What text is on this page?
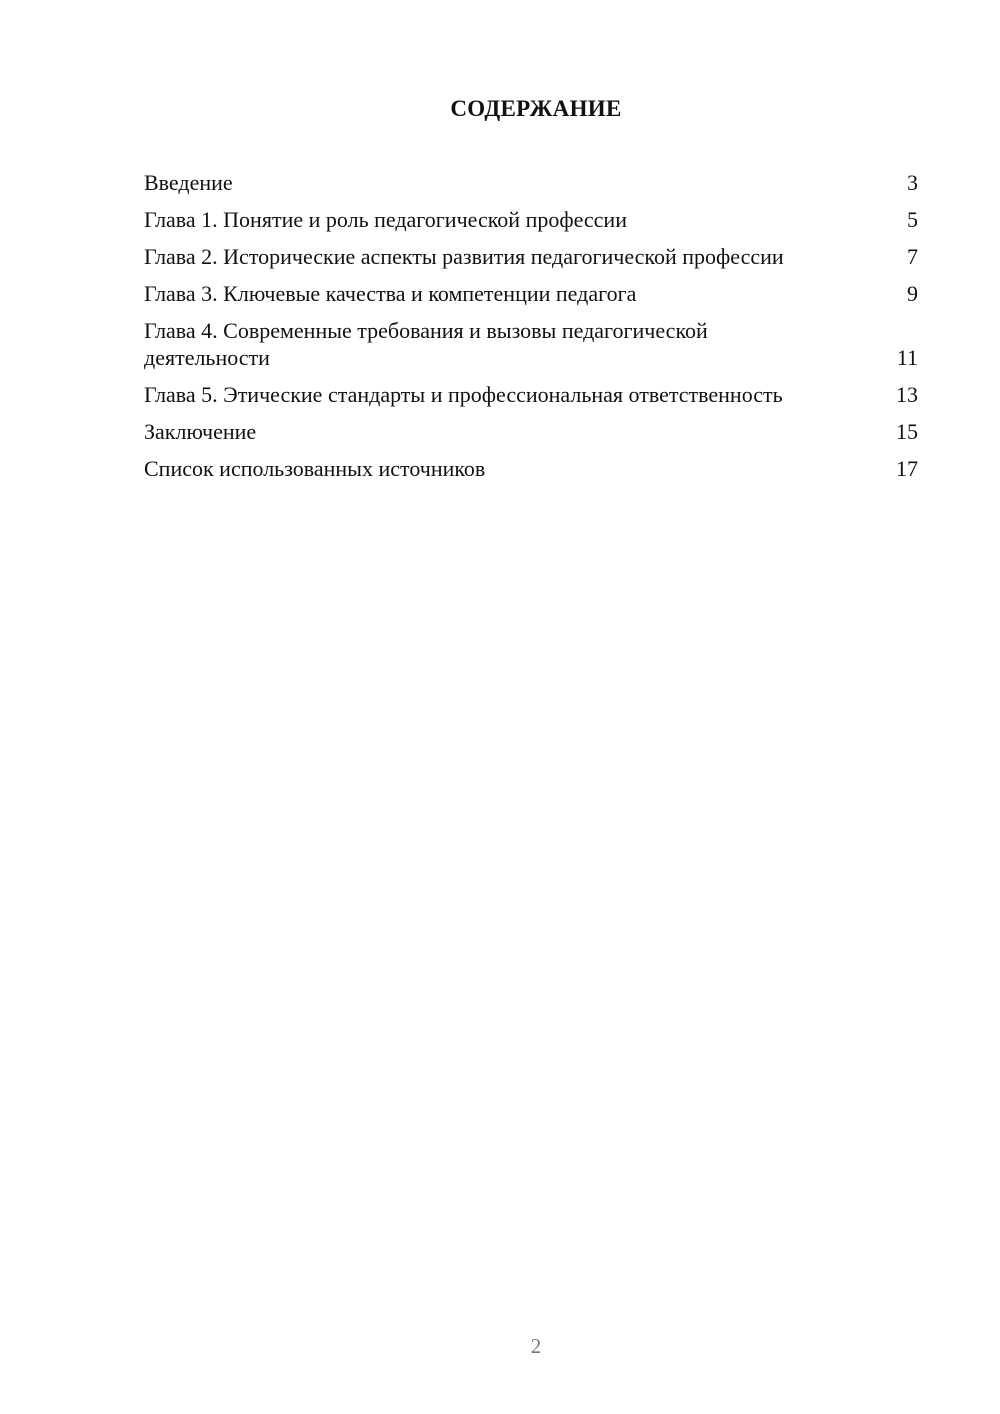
СОДЕРЖАНИЕ
Введение	3
Глава 1. Понятие и роль педагогической профессии	5
Глава 2. Исторические аспекты развития педагогической профессии	7
Глава 3. Ключевые качества и компетенции педагога	9
Глава 4. Современные требования и вызовы педагогической деятельности	11
Глава 5. Этические стандарты и профессиональная ответственность	13
Заключение	15
Список использованных источников	17
2
